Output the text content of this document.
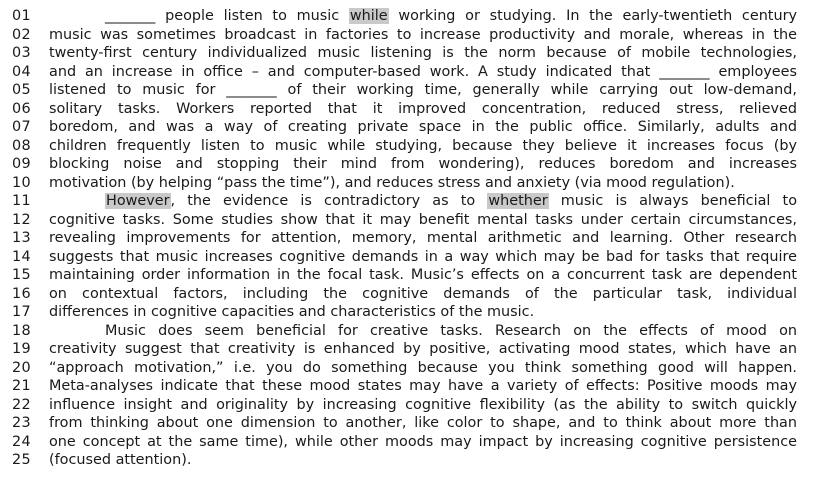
01	_______ people listen to music while working or studying. In the early-twentieth century
02	music was sometimes broadcast in factories to increase productivity and morale, whereas in the
03	twenty-first century individualized music listening is the norm because of mobile technologies,
04	and an increase in office – and computer-based work. A study indicated that _______ employees
05	listened to music for _______ of their working time, generally while carrying out low-demand,
06	solitary tasks. Workers reported that it improved concentration, reduced stress, relieved
07	boredom, and was a way of creating private space in the public office. Similarly, adults and
08	children frequently listen to music while studying, because they believe it increases focus (by
09	blocking noise and stopping their mind from wondering), reduces boredom and increases
10	motivation (by helping “pass the time”), and reduces stress and anxiety (via mood regulation).
11	However, the evidence is contradictory as to whether music is always beneficial to
12	cognitive tasks. Some studies show that it may benefit mental tasks under certain circumstances,
13	revealing improvements for attention, memory, mental arithmetic and learning. Other research
14	suggests that music increases cognitive demands in a way which may be bad for tasks that require
15	maintaining order information in the focal task. Music’s effects on a concurrent task are dependent
16	on contextual factors, including the cognitive demands of the particular task, individual
17	differences in cognitive capacities and characteristics of the music.
18	Music does seem beneficial for creative tasks. Research on the effects of mood on
19	creativity suggest that creativity is enhanced by positive, activating mood states, which have an
20	“approach motivation,” i.e. you do something because you think something good will happen.
21	Meta-analyses indicate that these mood states may have a variety of effects: Positive moods may
22	influence insight and originality by increasing cognitive flexibility (as the ability to switch quickly
23	from thinking about one dimension to another, like color to shape, and to think about more than
24	one concept at the same time), while other moods may impact by increasing cognitive persistence
25	(focused attention).
